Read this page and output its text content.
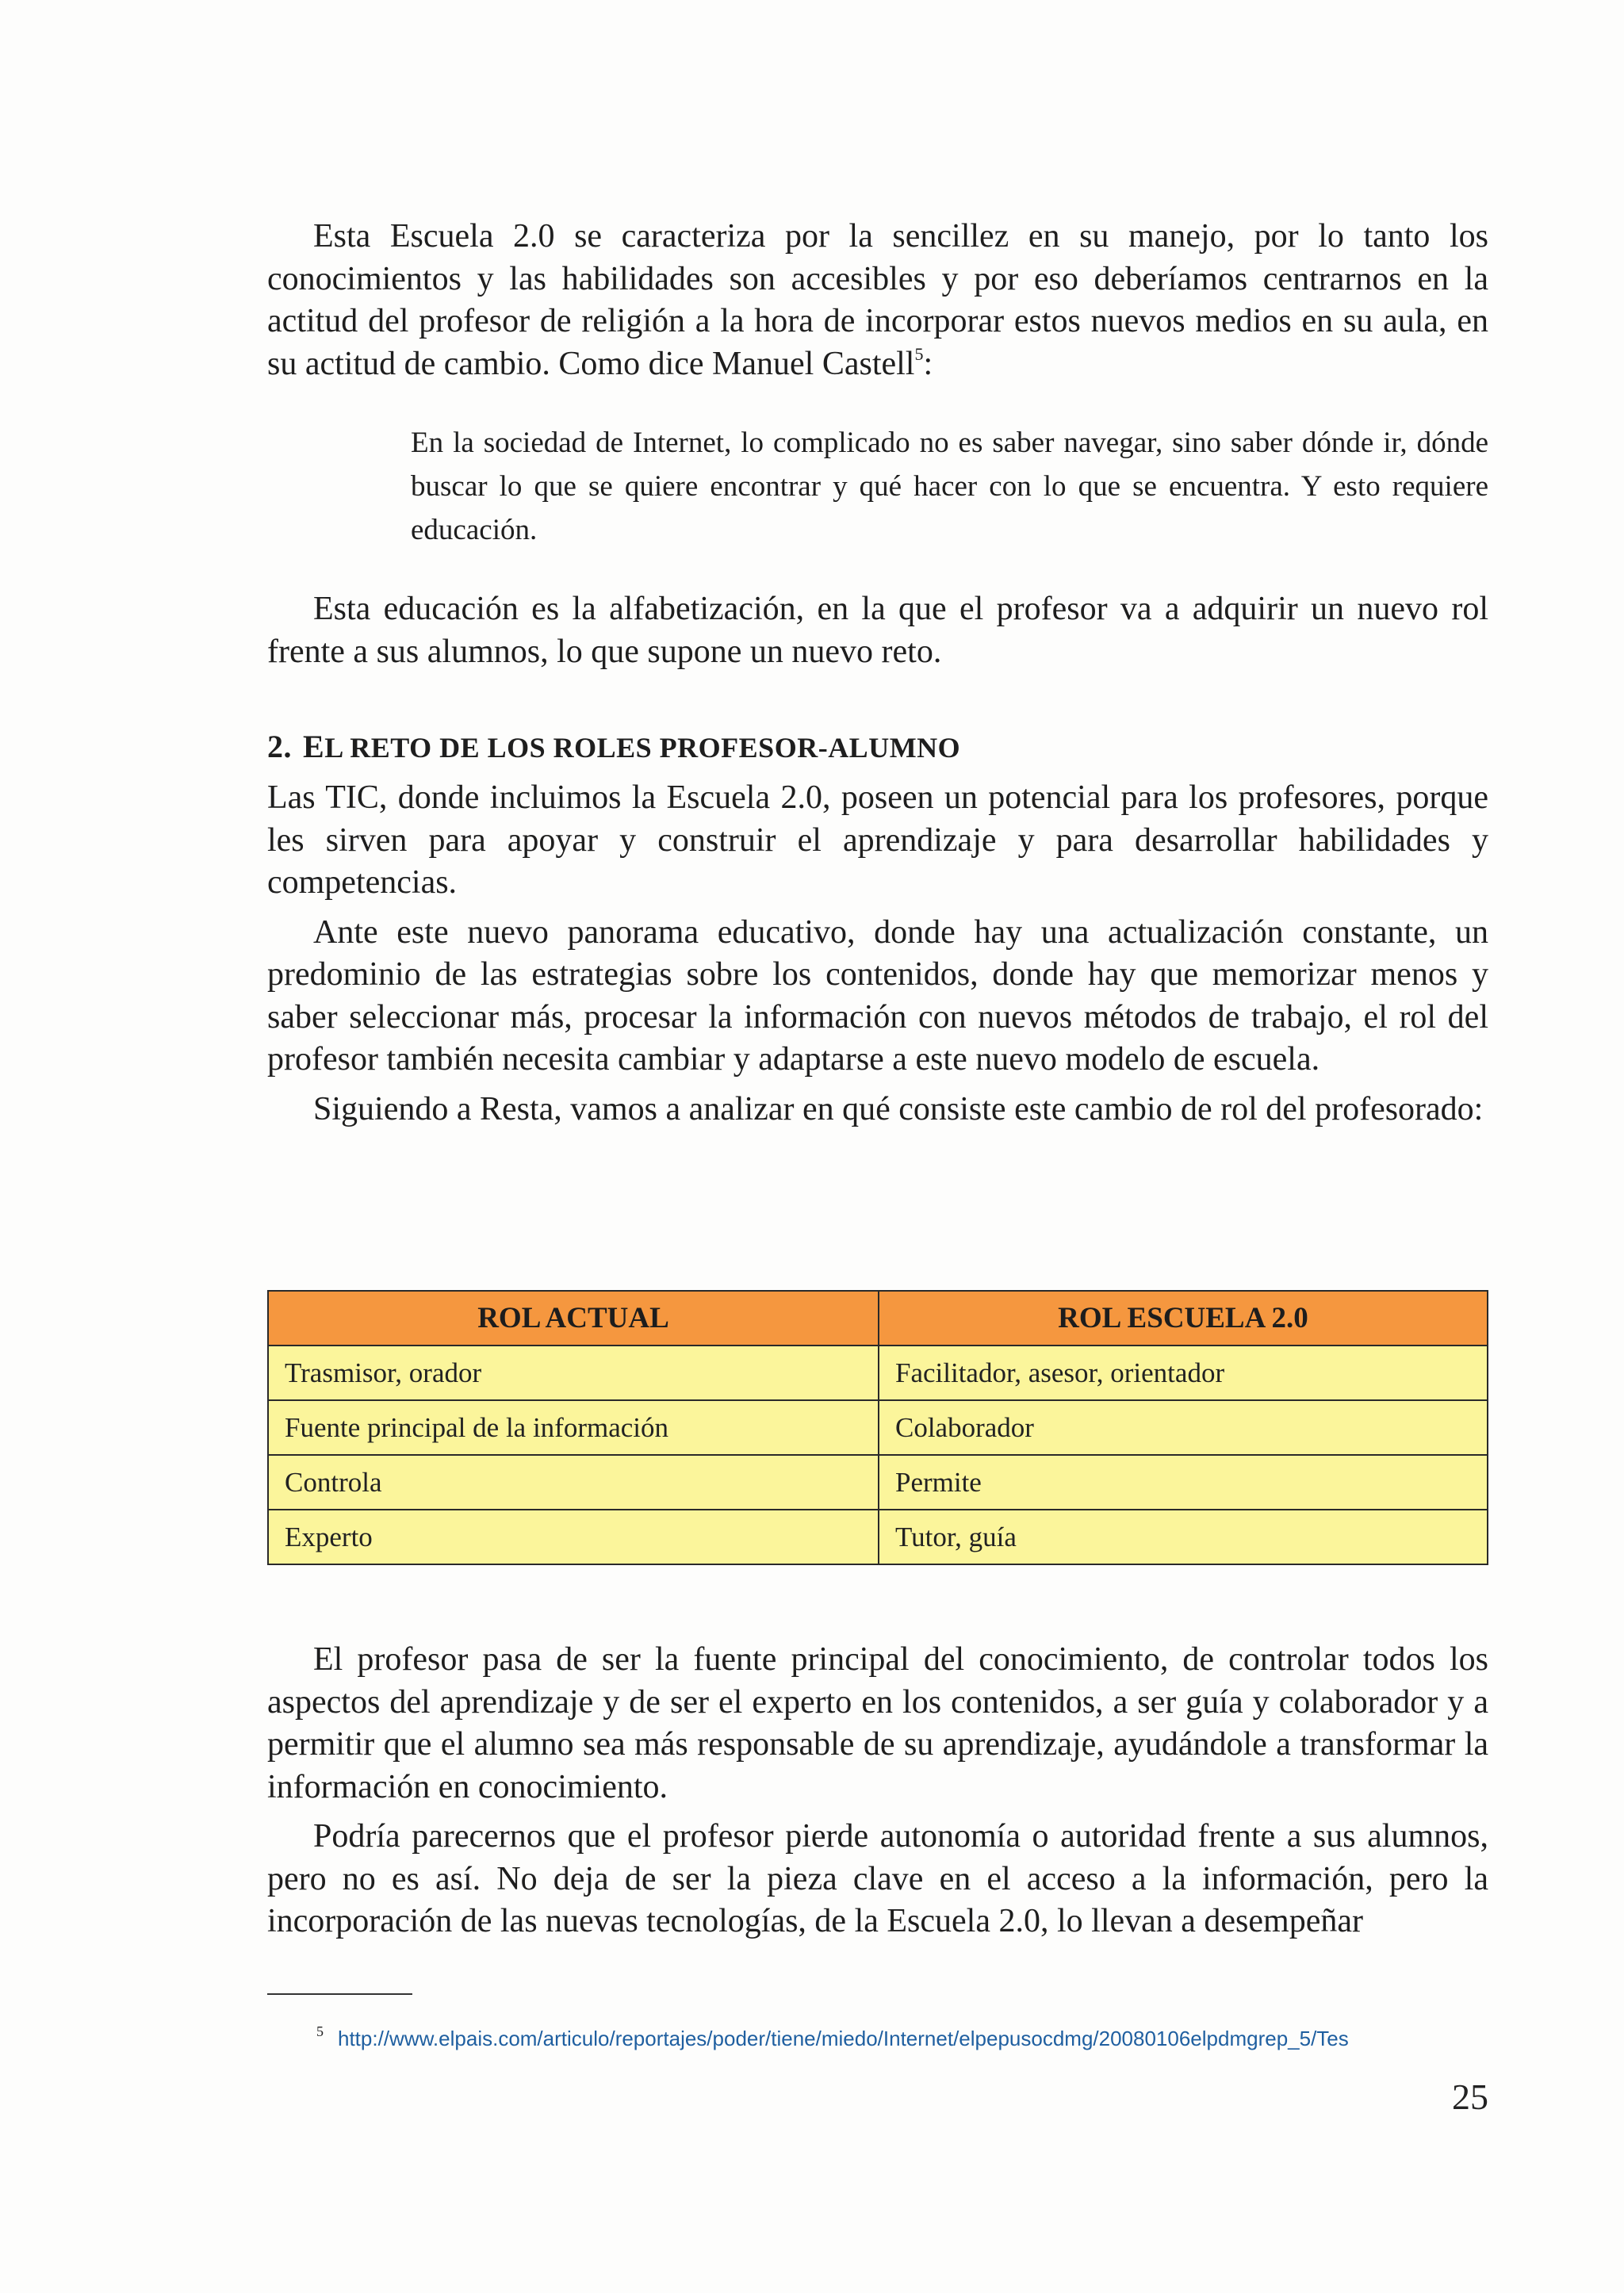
Esta Escuela 2.0 se caracteriza por la sencillez en su manejo, por lo tanto los conocimientos y las habilidades son accesibles y por eso deberíamos centrarnos en la actitud del profesor de religión a la hora de incorporar estos nuevos medios en su aula, en su actitud de cambio. Como dice Manuel Castell$^5$:

En la sociedad de Internet, lo complicado no es saber navegar, sino saber dónde ir, dónde buscar lo que se quiere encontrar y qué hacer con lo que se encuentra. Y esto requiere educación.

Esta educación es la alfabetización, en la que el profesor va a adquirir un nuevo rol frente a sus alumnos, lo que supone un nuevo reto.

2. EL RETO DE LOS ROLES PROFESOR-ALUMNO

Las TIC, donde incluimos la Escuela 2.0, poseen un potencial para los profesores, porque les sirven para apoyar y construir el aprendizaje y para desarrollar habilidades y competencias.

Ante este nuevo panorama educativo, donde hay una actualización constante, un predominio de las estrategias sobre los contenidos, donde hay que memorizar menos y saber seleccionar más, procesar la información con nuevos métodos de trabajo, el rol del profesor también necesita cambiar y adaptarse a este nuevo modelo de escuela.

Siguiendo a Resta, vamos a analizar en qué consiste este cambio de rol del profesorado:

ROL ACTUAL	ROL ESCUELA 2.0
Trasmisor, orador	Facilitador, asesor, orientador
Fuente principal de la información	Colaborador
Controla	Permite
Experto	Tutor, guía

El profesor pasa de ser la fuente principal del conocimiento, de controlar todos los aspectos del aprendizaje y de ser el experto en los contenidos, a ser guía y colaborador y a permitir que el alumno sea más responsable de su aprendizaje, ayudándole a transformar la información en conocimiento.

Podría parecernos que el profesor pierde autonomía o autoridad frente a sus alumnos, pero no es así. No deja de ser la pieza clave en el acceso a la información, pero la incorporación de las nuevas tecnologías, de la Escuela 2.0, lo llevan a desempeñar

$^5$ http://www.elpais.com/articulo/reportajes/poder/tiene/miedo/Internet/elpepusocdmg/20080106elpdmgrep_5/Tes

25
